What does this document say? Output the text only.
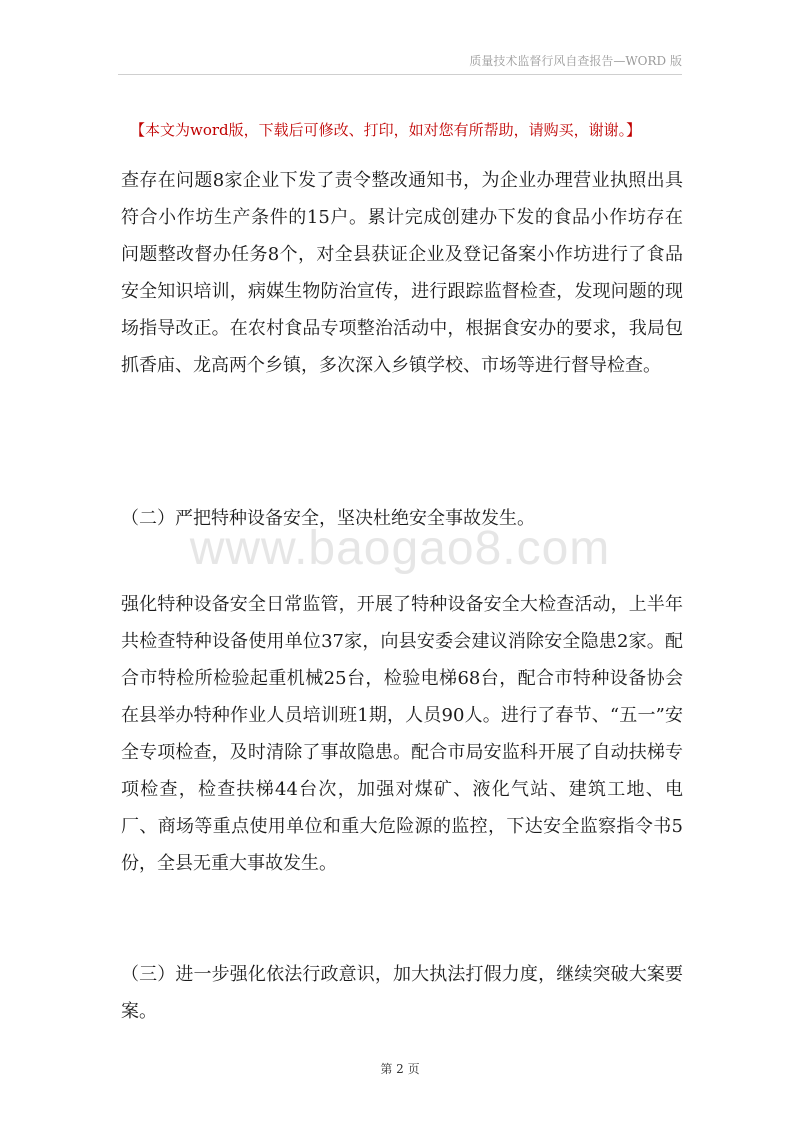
质量技术监督行风自查报告—WORD 版
【本文为word版，下载后可修改、打印，如对您有所帮助，请购买，谢谢。】
查存在问题8家企业下发了责令整改通知书，为企业办理营业执照出具符合小作坊生产条件的15户。累计完成创建办下发的食品小作坊存在问题整改督办任务8个，对全县获证企业及登记备案小作坊进行了食品安全知识培训，病媒生物防治宣传，进行跟踪监督检查，发现问题的现场指导改正。在农村食品专项整治活动中，根据食安办的要求，我局包抓香庙、龙高两个乡镇，多次深入乡镇学校、市场等进行督导检查。
www.baogao8.com
（二）严把特种设备安全，坚决杜绝安全事故发生。
强化特种设备安全日常监管，开展了特种设备安全大检查活动，上半年共检查特种设备使用单位37家，向县安委会建议消除安全隐患2家。配合市特检所检验起重机械25台，检验电梯68台，配合市特种设备协会在县举办特种作业人员培训班1期，人员90人。进行了春节、“五一”安全专项检查，及时清除了事故隐患。配合市局安监科开展了自动扶梯专项检查，检查扶梯44台次，加强对煤矿、液化气站、建筑工地、电厂、商场等重点使用单位和重大危险源的监控，下达安全监察指令书5份，全县无重大事故发生。
（三）进一步强化依法行政意识，加大执法打假力度，继续突破大案要案。
第 2 页
